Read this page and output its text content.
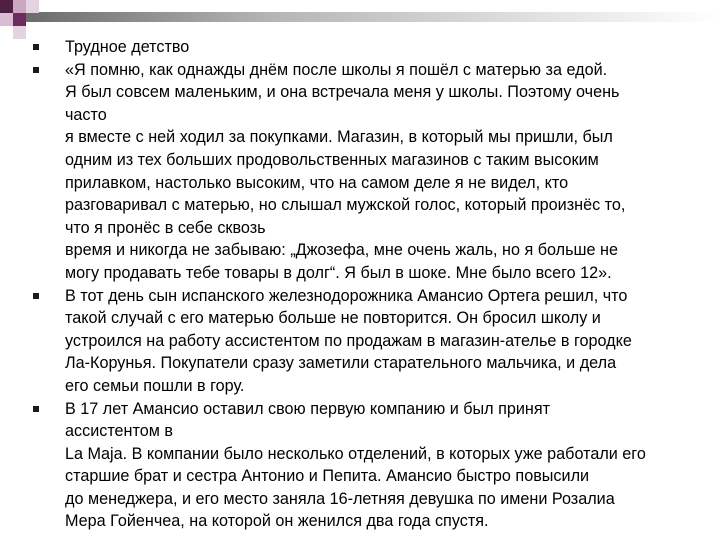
Трудное детство
«Я помню, как однажды днём после школы я пошёл с матерью за едой.
Я был совсем маленьким, и она встречала меня у школы. Поэтому очень
часто
я вместе с ней ходил за покупками. Магазин, в который мы пришли, был
одним из тех больших продовольственных магазинов с таким высоким
прилавком, настолько высоким, что на самом деле я не видел, кто
разговаривал с матерью, но слышал мужской голос, который произнёс то,
что я пронёс в себе сквозь
время и никогда не забываю: „Джозефа, мне очень жаль, но я больше не
могу продавать тебе товары в долг“. Я был в шоке. Мне было всего 12».
В тот день сын испанского железнодорожника Амансио Ортега решил, что
такой случай с его матерью больше не повторится. Он бросил школу и
устроился на работу ассистентом по продажам в магазин-ателье в городке
Ла-Корунья. Покупатели сразу заметили старательного мальчика, и дела
его семьи пошли в гору.
В 17 лет Амансио оставил свою первую компанию и был принят
ассистентом в
La Maja. В компании было несколько отделений, в которых уже работали его
старшие брат и сестра Антонио и Пепита. Амансио быстро повысили
до менеджера, и его место заняла 16-летняя девушка по имени Розалиа
Мера Гойенчеа, на которой он женился два года спустя.
